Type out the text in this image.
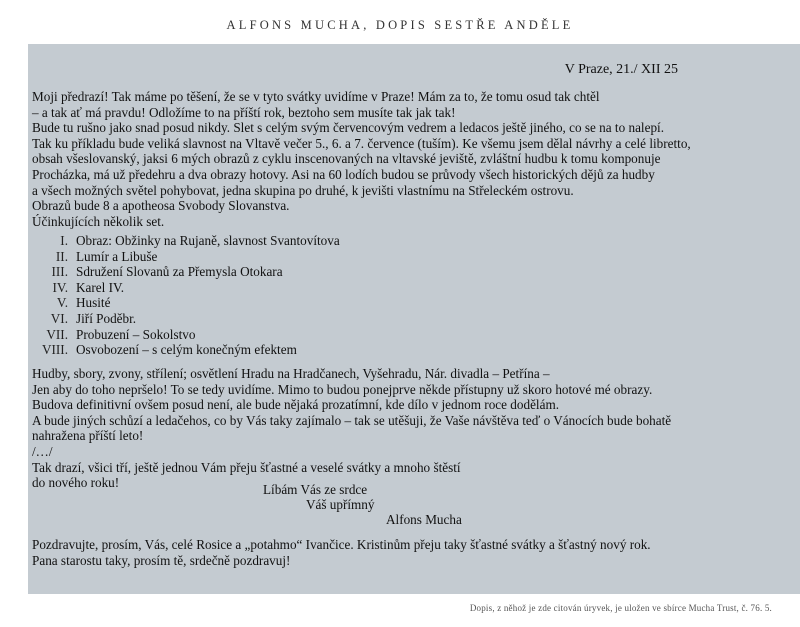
ALFONS MUCHA, DOPIS SESTŘE ANDĚLE
V Praze, 21./ XII 25
Moji předrazí! Tak máme po těšení, že se v tyto svátky uvidíme v Praze! Mám za to, že tomu osud tak chtěl
– a tak ať má pravdu! Odložíme to na příští rok, beztoho sem musíte tak jak tak!
Bude tu rušno jako snad posud nikdy. Slet s celým svým červencovým vedrem a ledacos ještě jiného, co se na to nalepí.
Tak ku příkladu bude veliká slavnost na Vltavě večer 5., 6. a 7. července (tuším). Ke všemu jsem dělal návrhy a celé libretto,
obsah všeslovanský, jaksi 6 mých obrazů z cyklu inscenovaných na vltavské jeviště, zvláštní hudbu k tomu komponuje
Procházka, má už předehru a dva obrazy hotovy. Asi na 60 lodích budou se průvody všech historických dějů za hudby
a všech možných světel pohybovat, jedna skupina po druhé, k jevišti vlastnímu na Střeleckém ostrovu.
Obrazů bude 8 a apotheosa Svobody Slovanstva.
Účinkujících několik set.
I. Obraz: Obžinky na Rujaně, slavnost Svantovítova
II. Lumír a Libuše
III. Sdružení Slovanů za Přemysla Otokara
IV. Karel IV.
V. Husité
VI. Jiří Poděbr.
VII. Probuzení – Sokolstvo
VIII. Osvobození – s celým konečným efektem
Hudby, sbory, zvony, střílení; osvětlení Hradu na Hradčanech, Vyšehradu, Nár. divadla – Petřína –
Jen aby do toho nepršelo! To se tedy uvidíme. Mimo to budou ponejprve někde přístupny už skoro hotové mé obrazy.
Budova definitivní ovšem posud není, ale bude nějaká prozatímní, kde dílo v jednom roce dodělám.
A bude jiných schůzí a ledačehos, co by Vás taky zajímalo – tak se utěšuji, že Vaše návštěva teď o Vánocích bude bohatě
nahražena příští leto!
/…/
Tak drazí, všici tří, ještě jednou Vám přeju šťastné a veselé svátky a mnoho štěstí
do nového roku!	Líbám Vás ze srdce
Váš upřímný
Alfons Mucha
Pozdravujte, prosím, Vás, celé Rosice a „potahmo“ Ivančice. Kristinům přeju taky šťastné svátky a šťastný nový rok.
Pana starostu taky, prosím tě, srdečně pozdravuj!
Dopis, z něhož je zde citován úryvek, je uložen ve sbírce Mucha Trust, č. 76. 5.
